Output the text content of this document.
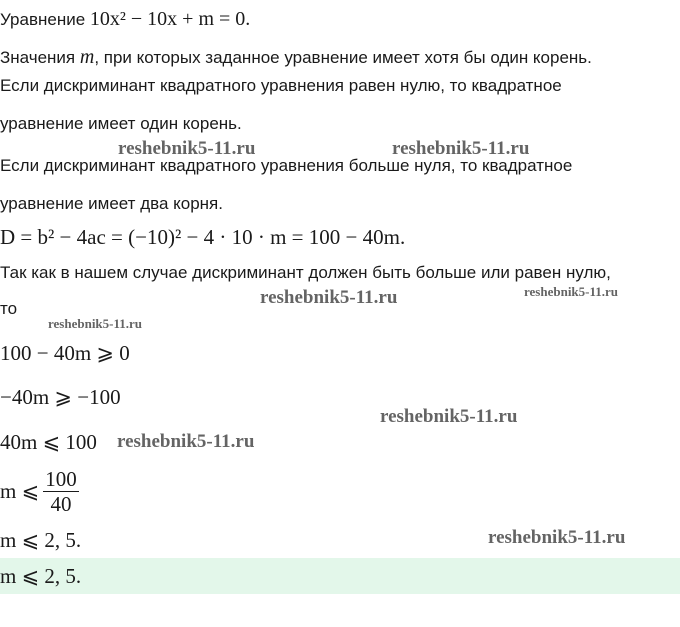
Уравнение 10x² − 10x + m = 0.
Значения m, при которых заданное уравнение имеет хотя бы один корень.
Если дискриминант квадратного уравнения равен нулю, то квадратное
уравнение имеет один корень.
Если дискриминант квадратного уравнения больше нуля, то квадратное
уравнение имеет два корня.
D = b² − 4ac = (−10)² − 4 · 10 · m = 100 − 40m.
Так как в нашем случае дискриминант должен быть больше или равен нулю,
то
100 − 40m ⩾ 0
−40m ⩾ −100
40m ⩽ 100
m ⩽ $\frac{100}{40}$
m ⩽ 2, 5.
m ⩽ 2, 5.
reshebnik5-11.ru	reshebnik5-11.ru
reshebnik5-11.ru	reshebnik5-11.ru
reshebnik5-11.ru
reshebnik5-11.ru
reshebnik5-11.ru
reshebnik5-11.ru
